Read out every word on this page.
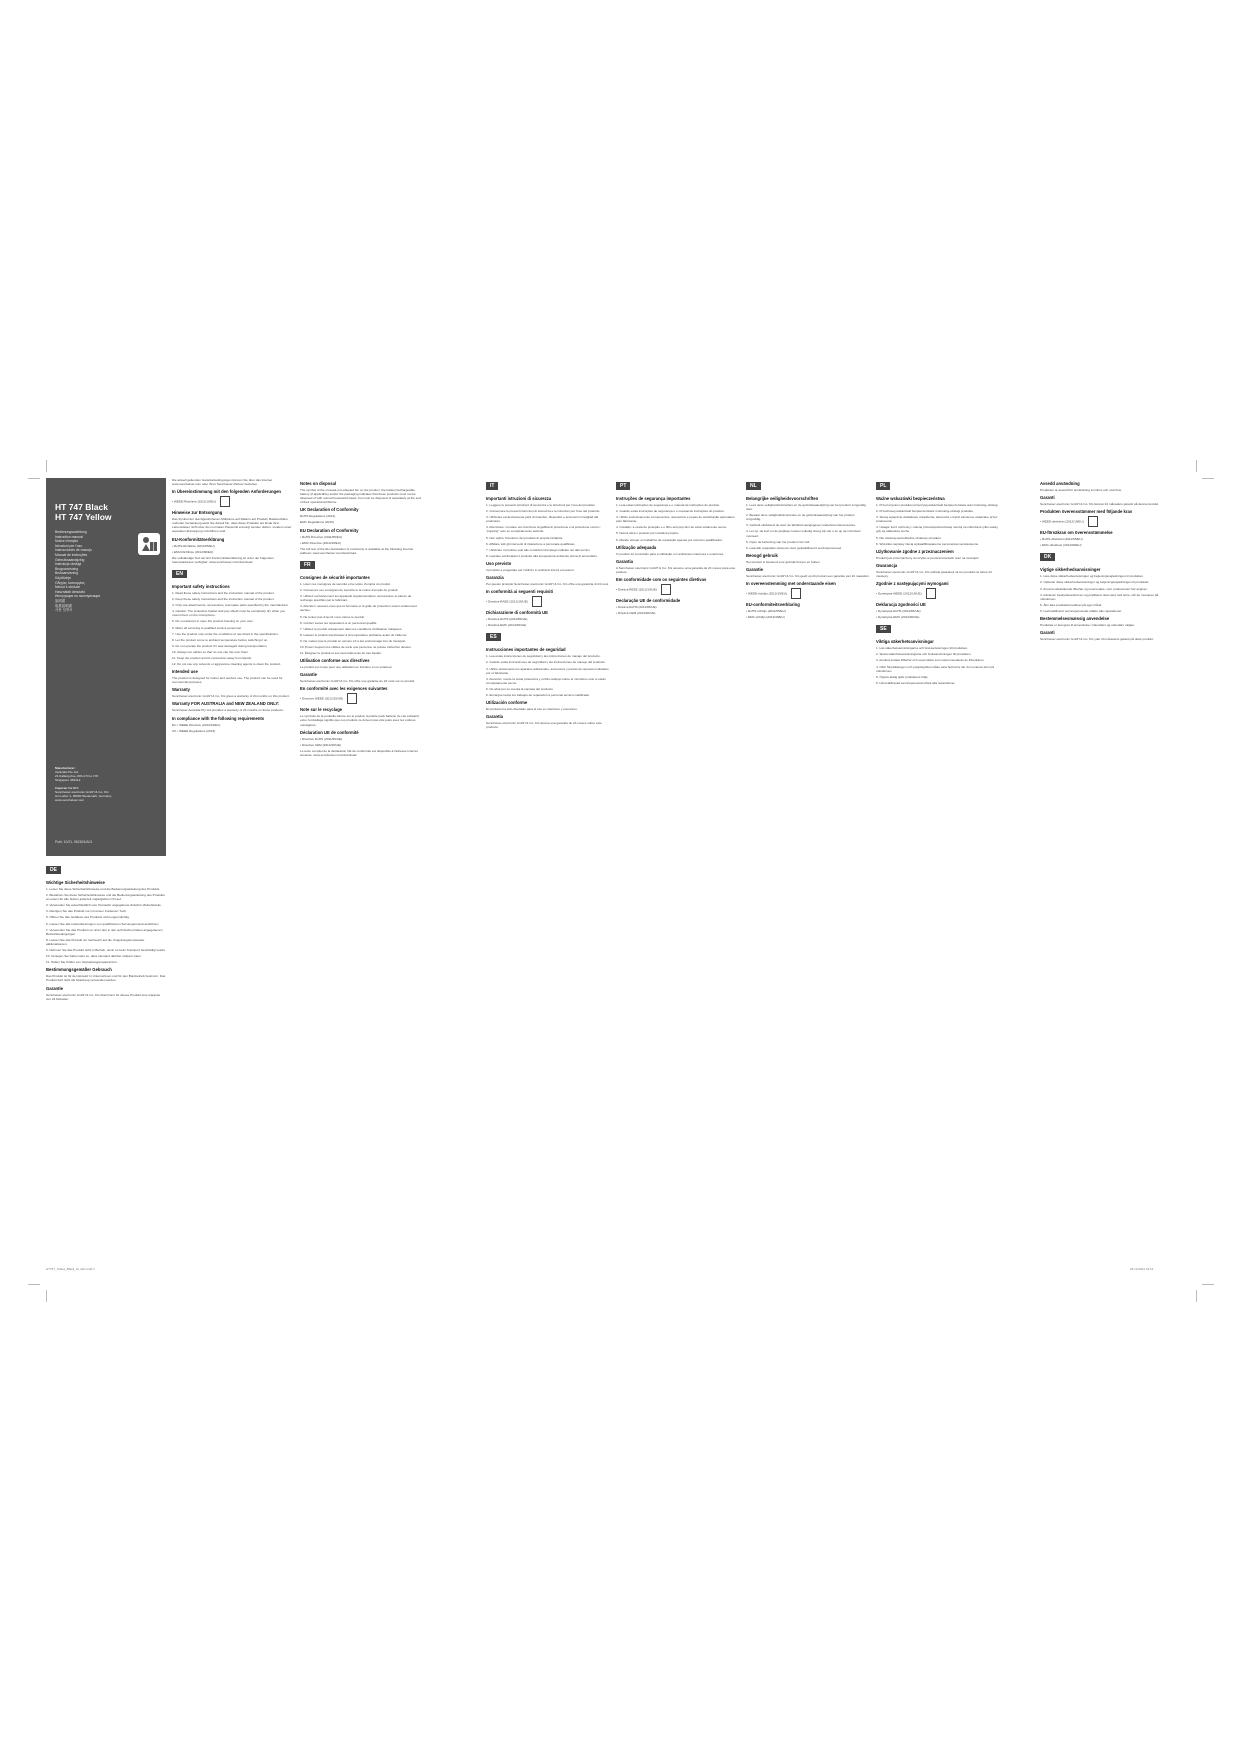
HT 747 Black
HT 747 Yellow
Bedienungsanleitung
Instruction manual
Notice d'emploi
Istruzioni per l'uso
Instrucciones de manejo
Manual de instruções
Gebruiksaanwijzing
Instrukcja obsługi
Brugsanvisning
Bruksanvisning
Käyttöohje
Οδηγίες λειτουργίας
Návod k obsluze
Használati útmutató
Инструкция по эксплуатации
說明書
取扱説明書
사용 설명서
Manufacturer:
Verticalis Pte Ltd
21 Kallang Ave, #03-174 to 178
Singapore 339412
Importer for EU:
Sennheiser electronic GmbH & Co. KG
Am Labor 1, 30900 Wedemark, Germany
www.sennheiser.com
Publ. 10/21, 582824/A01
DE
Wichtige Sicherheitshinweise

1. Lesen Sie diese Sicherheitshinweise und die Bedienungsanleitung des Produkts.

2. Bewahren Sie diese Sicherheitshinweise und die Bedienungsanleitung des Produkts an einem für alle Nutzer jederzeit zugänglichen Ort auf.

3. Verwenden Sie ausschließlich vom Hersteller angegebene Zubehör-/Zubehörteile.

4. Reinigen Sie das Produkt nur mit einem trockenen Tuch.

5. Öffnen Sie das Gehäuse des Produkts nicht eigenmächtig.

6. Lassen Sie alle Instandsetzungen von qualifiziertem Servicepersonal ausführen.

7. Verwenden Sie das Produkt nur unter den in den technischen Daten angegebenen Betriebsbedingungen.

8. Lassen Sie das Produkt vor Gebrauch auf die Umgebungstemperatur akklimatisieren.

9. Nehmen Sie das Produkt nicht in Betrieb, wenn es beim Transport beschädigt wurde.

10. Verlegen Sie Kabel stets so, dass niemand darüber stolpern kann.

11. Halten Sie Kinder von Verpackungsmaterial fern.

Bestimmungsgemäßer Gebrauch

Das Produkt ist für den Einsatz in Unternehmen und für den Bürobetrieb bestimmt. Das Produkt darf nicht als Spielzeug verwendet werden.

Garantie

Sennheiser electronic GmbH & Co. KG übernimmt für dieses Produkt eine Garantie von 24 Monaten.

Die aktuell geltenden Garantiebedingungen können Sie über das Internet www.sennheiser.com oder Ihren Sennheiser-Partner beziehen.

In Übereinstimmung mit den folgenden Anforderungen

• WEEE-Richtlinie (2012/19/EU)

Hinweise zur Entsorgung

Das Symbol der durchgestrichenen Mülltonne auf Rädern auf Produkt, Batterie/Akku und/oder Verpackung weist Sie darauf hin, dass diese Produkte am Ende ihrer Lebensdauer nicht über den normalen Hausmüll entsorgt werden dürfen, sondern einer separaten Entsorgung zuzuführen sind.

EU-Konformitätserklärung

• RoHS-Richtlinie (2011/65/EU)

• EMV-Richtlinie (2014/30/EU)

Die vollständige Text der EU-Konformitätserklärung ist unter der folgenden Internetadresse verfügbar: www.sennheiser.com/download.

EN
Important safety instructions

1. Read these safety instructions and the instruction manual of the product.

2. Keep these safety instructions and the instruction manual of the product.

3. Only use attachments, accessories, and spare parts specified by the manufacturer.

4. Caution: The protective basket and pop shield must be completely dry when you mount them on the microphone.

5. Do not attempt to open the product housing on your own.

6. Refer all servicing to qualified service personnel.

7. Use the product only under the conditions of use listed in the specifications.

8. Let the product come to ambient temperature before switching it on.

9. Do not operate the product if it was damaged during transportation.

10. Always run cables so that no one can trip over them.

11. Keep the product and its connection away from liquids.

12. Do not use any solvents or aggressive cleaning agents to clean the product.

Intended use

The product is designed for indoor and outdoor use. The product can be used for commercial purposes.

Warranty

Sennheiser electronic GmbH & Co. KG gives a warranty of 24 months on this product.

Warranty FOR AUSTRALIA and NEW ZEALAND ONLY:

Sennheiser Australia Pty Ltd provides a warranty of 24 months on these products.

In compliance with the following requirements

EU • WEEE Directive (2012/19/EU)

UK • WEEE Regulations (2013)

Notes on disposal

The symbol of the crossed-out wheeled bin on the product, the battery/rechargeable battery (if applicable) and/or the packaging indicates that these products must not be disposed of with normal household waste, but must be disposed of separately at the end of their operational lifetime.

UK Declaration of Conformity

RoHS Regulations (2012)

EMC Regulations (2016)

EU Declaration of Conformity

• RoHS Directive (2011/65/EU)

• EMC Directive (2014/30/EU)

The full text of the EU declaration of conformity is available at the following internet address: www.sennheiser.com/download.

FR
Consignes de sécurité importantes

1. Lisez ces consignes de sécurité et la notice d'emploi du produit.

2. Conservez ces consignes de sécurité et la notice d'emploi du produit.

3. Utilisez exclusivement les appareils supplémentaires, accessoires et pièces de rechange spécifiés par le fabricant.

4. Attention: assurez-vous que la bonnette et la grille de protection soient entièrement sèches.

5. Ne tentez pas d'ouvrir vous-même le produit.

6. Confiez toutes les réparations à un personnel qualifié.

7. Utilisez le produit uniquement dans les conditions d'utilisation indiquées.

8. Laissez le produit s'acclimater à la température ambiante avant de l'allumer.

9. Ne mettez pas le produit en service s'il a été endommagé lors du transport.

10. Posez toujours les câbles de sorte que personne ne puisse trébucher dessus.

11. Éloignez le produit et ses raccordements de tout liquide.

Utilisation conforme aux directives

Le produit est conçu pour une utilisation en intérieur et en extérieur.

Garantie

Sennheiser electronic GmbH & Co. KG offre une garantie de 24 mois sur ce produit.

En conformité avec les exigences suivantes

• Directive WEEE (2012/19/UE)

Note sur le recyclage

Le symbole de la poubelle barrée sur le produit, la pile/le pack batterie (le cas échéant) et/ou l'emballage signifie que ces produits ne doivent pas être jetés avec les ordures ménagères.

Déclaration UE de conformité

• Directive RoHS (2011/65/UE)

• Directive CEM (2014/30/UE)

Le texte complet de la déclaration UE de conformité est disponible à l'adresse Internet suivante: www.sennheiser.com/download.

IT
Importanti istruzioni di sicurezza

1. Leggere le presenti istruzioni di sicurezza e le istruzioni per l'uso del prodotto.

2. Conservare le presenti istruzioni di sicurezza e le istruzioni per l'uso del prodotto.

3. Utilizzare esclusivamente parti di ricambio, dispositivi e accessori consigliati dal produttore.

4. Attenzione: montare sul microfono la gabbia di protezione e la protezione contro i "popping" solo se completamente asciutte.

5. Non aprire l'involucro del prodotto di propria iniziativa.

6. Affidare tutti gli interventi di riparazione a personale qualificato.

7. Utilizzare il prodotto solo alle condizioni d'impiego indicate nei dati tecnici.

8. Lasciare acclimatare il prodotto alla temperatura ambiente prima di accenderlo.

Uso previsto

Il prodotto è progettato per l'utilizzo in ambienti interni ed esterni.

Garanzia

Per questo prodotto Sennheiser electronic GmbH & Co. KG offre una garanzia di 24 mesi.

In conformità ai seguenti requisiti

• Direttiva RAEE (2012/19/UE)

Dichiarazione di conformità UE

• Direttiva RoHS (2011/65/UE)

• Direttiva EMC (2014/30/UE)

ES
Instrucciones importantes de seguridad

1. Lea estas instrucciones de seguridad y las instrucciones de manejo del producto.

2. Guarde estas instrucciones de seguridad y las instrucciones de manejo del producto.

3. Utilice únicamente los aparatos adicionales, accesorios y piezas de repuesto indicados por el fabricante.

4. Atención: monte la cesta protectora y el filtro antipop sobre el micrófono solo si están completamente secos.

5. No abra por su cuenta la carcasa del producto.

6. Encargue todos los trabajos de reparación a personal técnico cualificado.

Utilización conforme

El producto ha sido diseñado para el uso en interiores y exteriores.

Garantía

Sennheiser electronic GmbH & Co. KG asume una garantía de 24 meses sobre este producto.

PT
Instruções de segurança importantes

1. Leia estas instruções de segurança e o manual de instruções do produto.

2. Guarde estas instruções de segurança e o manual de instruções do produto.

3. Utilize exclusivamente componentes, acessórios e peças de substituição aprovados pelo fabricante.

4. Cuidado: a cesta de proteção e o filtro anti-pop têm de estar totalmente secos.

5. Nunca abra o produto por iniciativa própria.

6. Mande efetuar os trabalhos de reparação apenas por técnicos qualificados.

Utilização adequada

O produto foi concebido para a utilização em ambientes interiores e exteriores.

Garantia

A Sennheiser electronic GmbH & Co. KG assume uma garantia de 24 meses para este produto.

Em conformidade com os seguintes diretivas

• Diretiva REEE (2012/19/UE)

Declaração UE de conformidade

• Diretiva RoHS (2011/65/UE)

• Diretiva CEM (2014/30/UE)

NL
Belangrijke veiligheidsvoorschriften

1. Lees deze veiligheidsinstructies en de gebruiksaanwijzing van het product zorgvuldig door.

2. Bewaar deze veiligheidsinstructies en de gebruiksaanwijzing van het product zorgvuldig.

3. Gebruik uitsluitend de door de fabrikant aangegeven toebehoren/accessoires.

4. Let op: de korf en de plopkap moeten volledig droog zijn als u ze op de microfoon monteert.

5. Open de behuizing van het product niet zelf.

6. Laat alle reparaties uitvoeren door gekwalificeerd servicepersoneel.

Beoogd gebruik

Het product is bestemd voor gebruik binnen en buiten.

Garantie

Sennheiser electronic GmbH & Co. KG geeft op dit product een garantie van 24 maanden.

In overeenstemming met onderstaande eisen

• WEEE-richtlijn (2012/19/EU)

EU-conformiteitsverklaring

• RoHS-richtlijn (2011/65/EU)

• EMC-richtlijn (2014/30/EU)

PL
Ważne wskazówki bezpieczeństwa

1. Przed użyciem produktu przeczytaj wskazówki bezpieczeństwa oraz instrukcję obsługi.

2. Przechowuj wskazówki bezpieczeństwa i instrukcję obsługi produktu.

3. Stosuj wyłącznie dodatkowe urządzenia, akcesoria i części zamienne wskazane przez producenta.

4. Uwaga: kosz ochronny i osłonę przeciwpodmuchową montuj na mikrofonie tylko wtedy, gdy są całkowicie suche.

5. Nie otwieraj samodzielnie obudowy produktu.

6. Wszelkie naprawy zlecaj wykwalifikowanemu personelowi serwisowemu.

Użytkowanie zgodne z przeznaczeniem

Produkt jest przeznaczony do użytku w pomieszczeniach oraz na zewnątrz.

Gwarancja

Sennheiser electronic GmbH & Co. KG udziela gwarancji na ten produkt na okres 24 miesięcy.

Zgodnie z następującymi wymogami

• Dyrektywa WEEE (2012/19/UE)

Deklaracja zgodności UE

• Dyrektywa RoHS (2011/65/UE)

• Dyrektywa EMC (2014/30/UE)

SE
Viktiga säkerhetsanvisningar

1. Läs säkerhetsanvisningarna och bruksanvisningen till produkten.

2. Spara säkerhetsanvisningarna och bruksanvisningen till produkten.

3. Använd endast tillbehör och reservdelar som rekommenderas av tillverkaren.

4. Obs! Skyddskorgen och poppskyddet måste vara helt torra när du monterar dem på mikrofonen.

5. Öppna aldrig själv produktens hölje.

6. Låt kvalificerad servicepersonal utföra alla reparationer.

Avsedd användning

Produkten är avsedd för användning inomhus och utomhus.

Garanti

Sennheiser electronic GmbH & Co. KG lämnar 24 månaders garanti på denna produkt.

Produkten överensstämmer med följande krav

• WEEE-direktivet (2012/19/EU)

EU-försäkran om överensstämmelse

• RoHS-direktivet (2011/65/EU)

• EMC-direktivet (2014/30/EU)

DK
Vigtige sikkerhedsanvisninger

1. Læs disse sikkerhedsanvisninger og betjeningsvejledningen til produktet.

2. Opbevar disse sikkerhedsanvisninger og betjeningsvejledningen til produktet.

3. Anvend udelukkende tilbehør og reservedele, som producenten har angivet.

4. Advarsel: beskyttelseskurven og popfilteret skal være helt tørre, når de monteres på mikrofonen.

5. Åbn ikke produktets kabinet på egen hånd.

6. Lad kvalificeret servicepersonale udføre alle reparationer.

Bestemmelsesmæssig anvendelse

Produktet er beregnet til anvendelse i indendørs og udendørs miljøer.

Garanti

Sennheiser electronic GmbH & Co. KG yder 24 måneders garanti på dette produkt.

HT747_Yellow_Black_SI_A01.indd 1	26.10.2021 13:12
